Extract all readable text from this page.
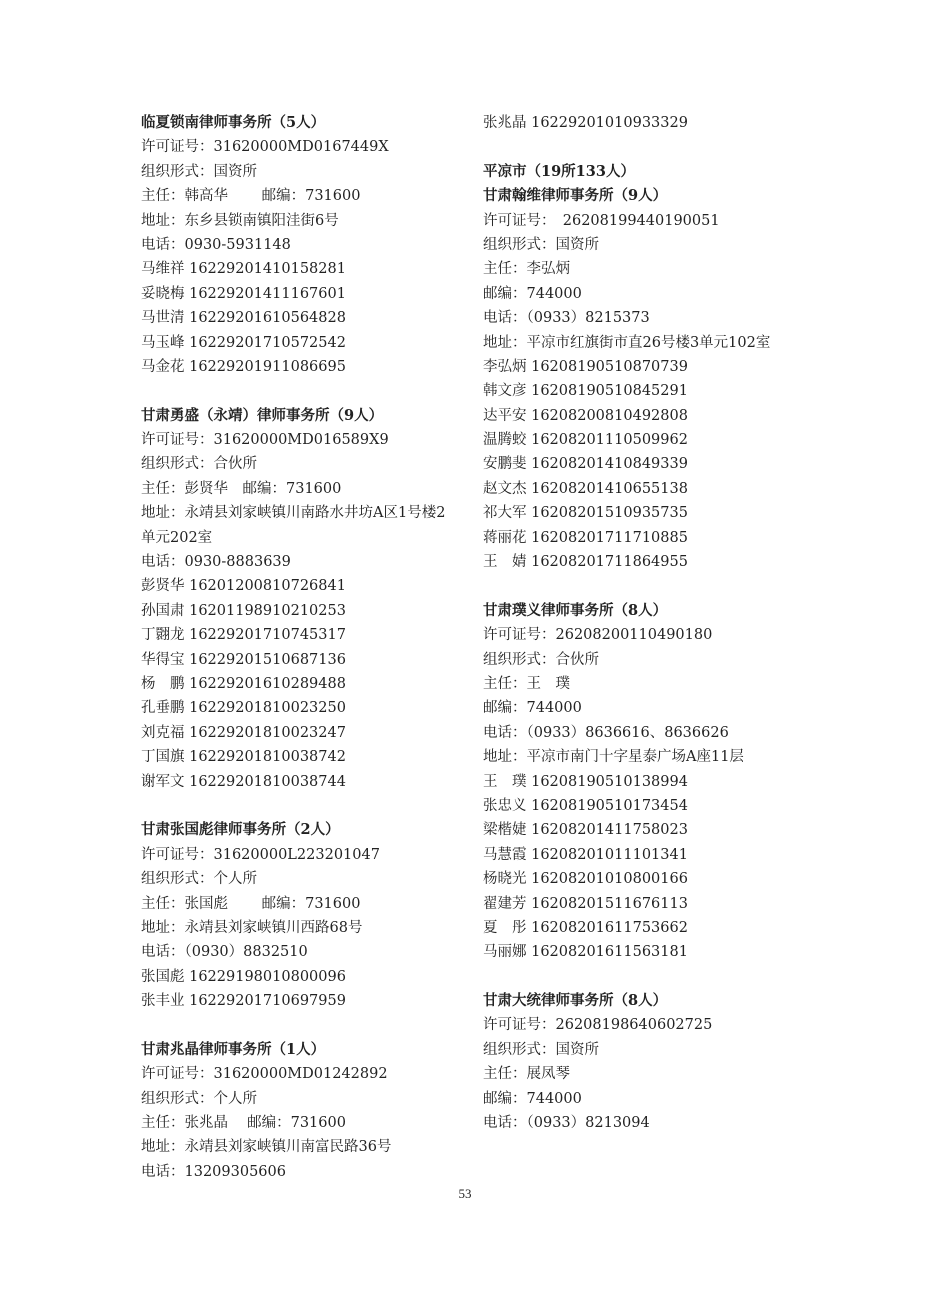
临夏锁南律师事务所（5人）
许可证号：31620000MD0167449X
组织形式：国资所
主任：韩高华　　 邮编：731600
地址：东乡县锁南镇阳洼街6号
电话：0930-5931148
马维祥 16229201410158281
妥晓梅 16229201411167601
马世清 16229201610564828
马玉峰 16229201710572542
马金花 16229201911086695
甘肃勇盛（永靖）律师事务所（9人）
许可证号：31620000MD016589X9
组织形式：合伙所
主任：彭贤华　邮编：731600
地址：永靖县刘家峡镇川南路水井坊A区1号楼2单元202室
电话：0930-8883639
彭贤华 16201200810726841
孙国肃 16201198910210253
丁翾龙 16229201710745317
华得宝 16229201510687136
杨　鹏 16229201610289488
孔垂鹏 16229201810023250
刘克福 16229201810023247
丁国旗 16229201810038742
谢军文 16229201810038744
甘肃张国彪律师事务所（2人）
许可证号：31620000L223201047
组织形式：个人所
主任：张国彪　　 邮编：731600
地址：永靖县刘家峡镇川西路68号
电话：（0930）8832510
张国彪 16229198010800096
张丰业 16229201710697959
甘肃兆晶律师事务所（1人）
许可证号：31620000MD01242892
组织形式：个人所
主任：张兆晶　 邮编：731600
地址：永靖县刘家峡镇川南富民路36号
电话：13209305606
张兆晶 16229201010933329
平凉市（19所133人）
甘肃翰维律师事务所（9人）
许可证号：　26208199440190051
组织形式：国资所
主任：李弘炳
邮编：744000
电话：（0933）8215373
地址：平凉市红旗街市直26号楼3单元102室
李弘炳 16208190510870739
韩文彦 16208190510845291
达平安 16208200810492808
温腾蛟 16208201110509962
安鹏斐 16208201410849339
赵文杰 16208201410655138
祁大军 16208201510935735
蒋丽花 16208201711710885
王　婧 16208201711864955
甘肃璞义律师事务所（8人）
许可证号：26208200110490180
组织形式：合伙所
主任：王　璞
邮编：744000
电话：（0933）8636616、8636626
地址：平凉市南门十字星泰广场A座11层
王　璞 16208190510138994
张忠义 16208190510173454
梁楷婕 16208201411758023
马慧霞 16208201011101341
杨晓光 16208201010800166
翟建芳 16208201511676113
夏　彤 16208201611753662
马丽娜 16208201611563181
甘肃大统律师事务所（8人）
许可证号：26208198640602725
组织形式：国资所
主任：展凤琴
邮编：744000
电话：（0933）8213094
53
